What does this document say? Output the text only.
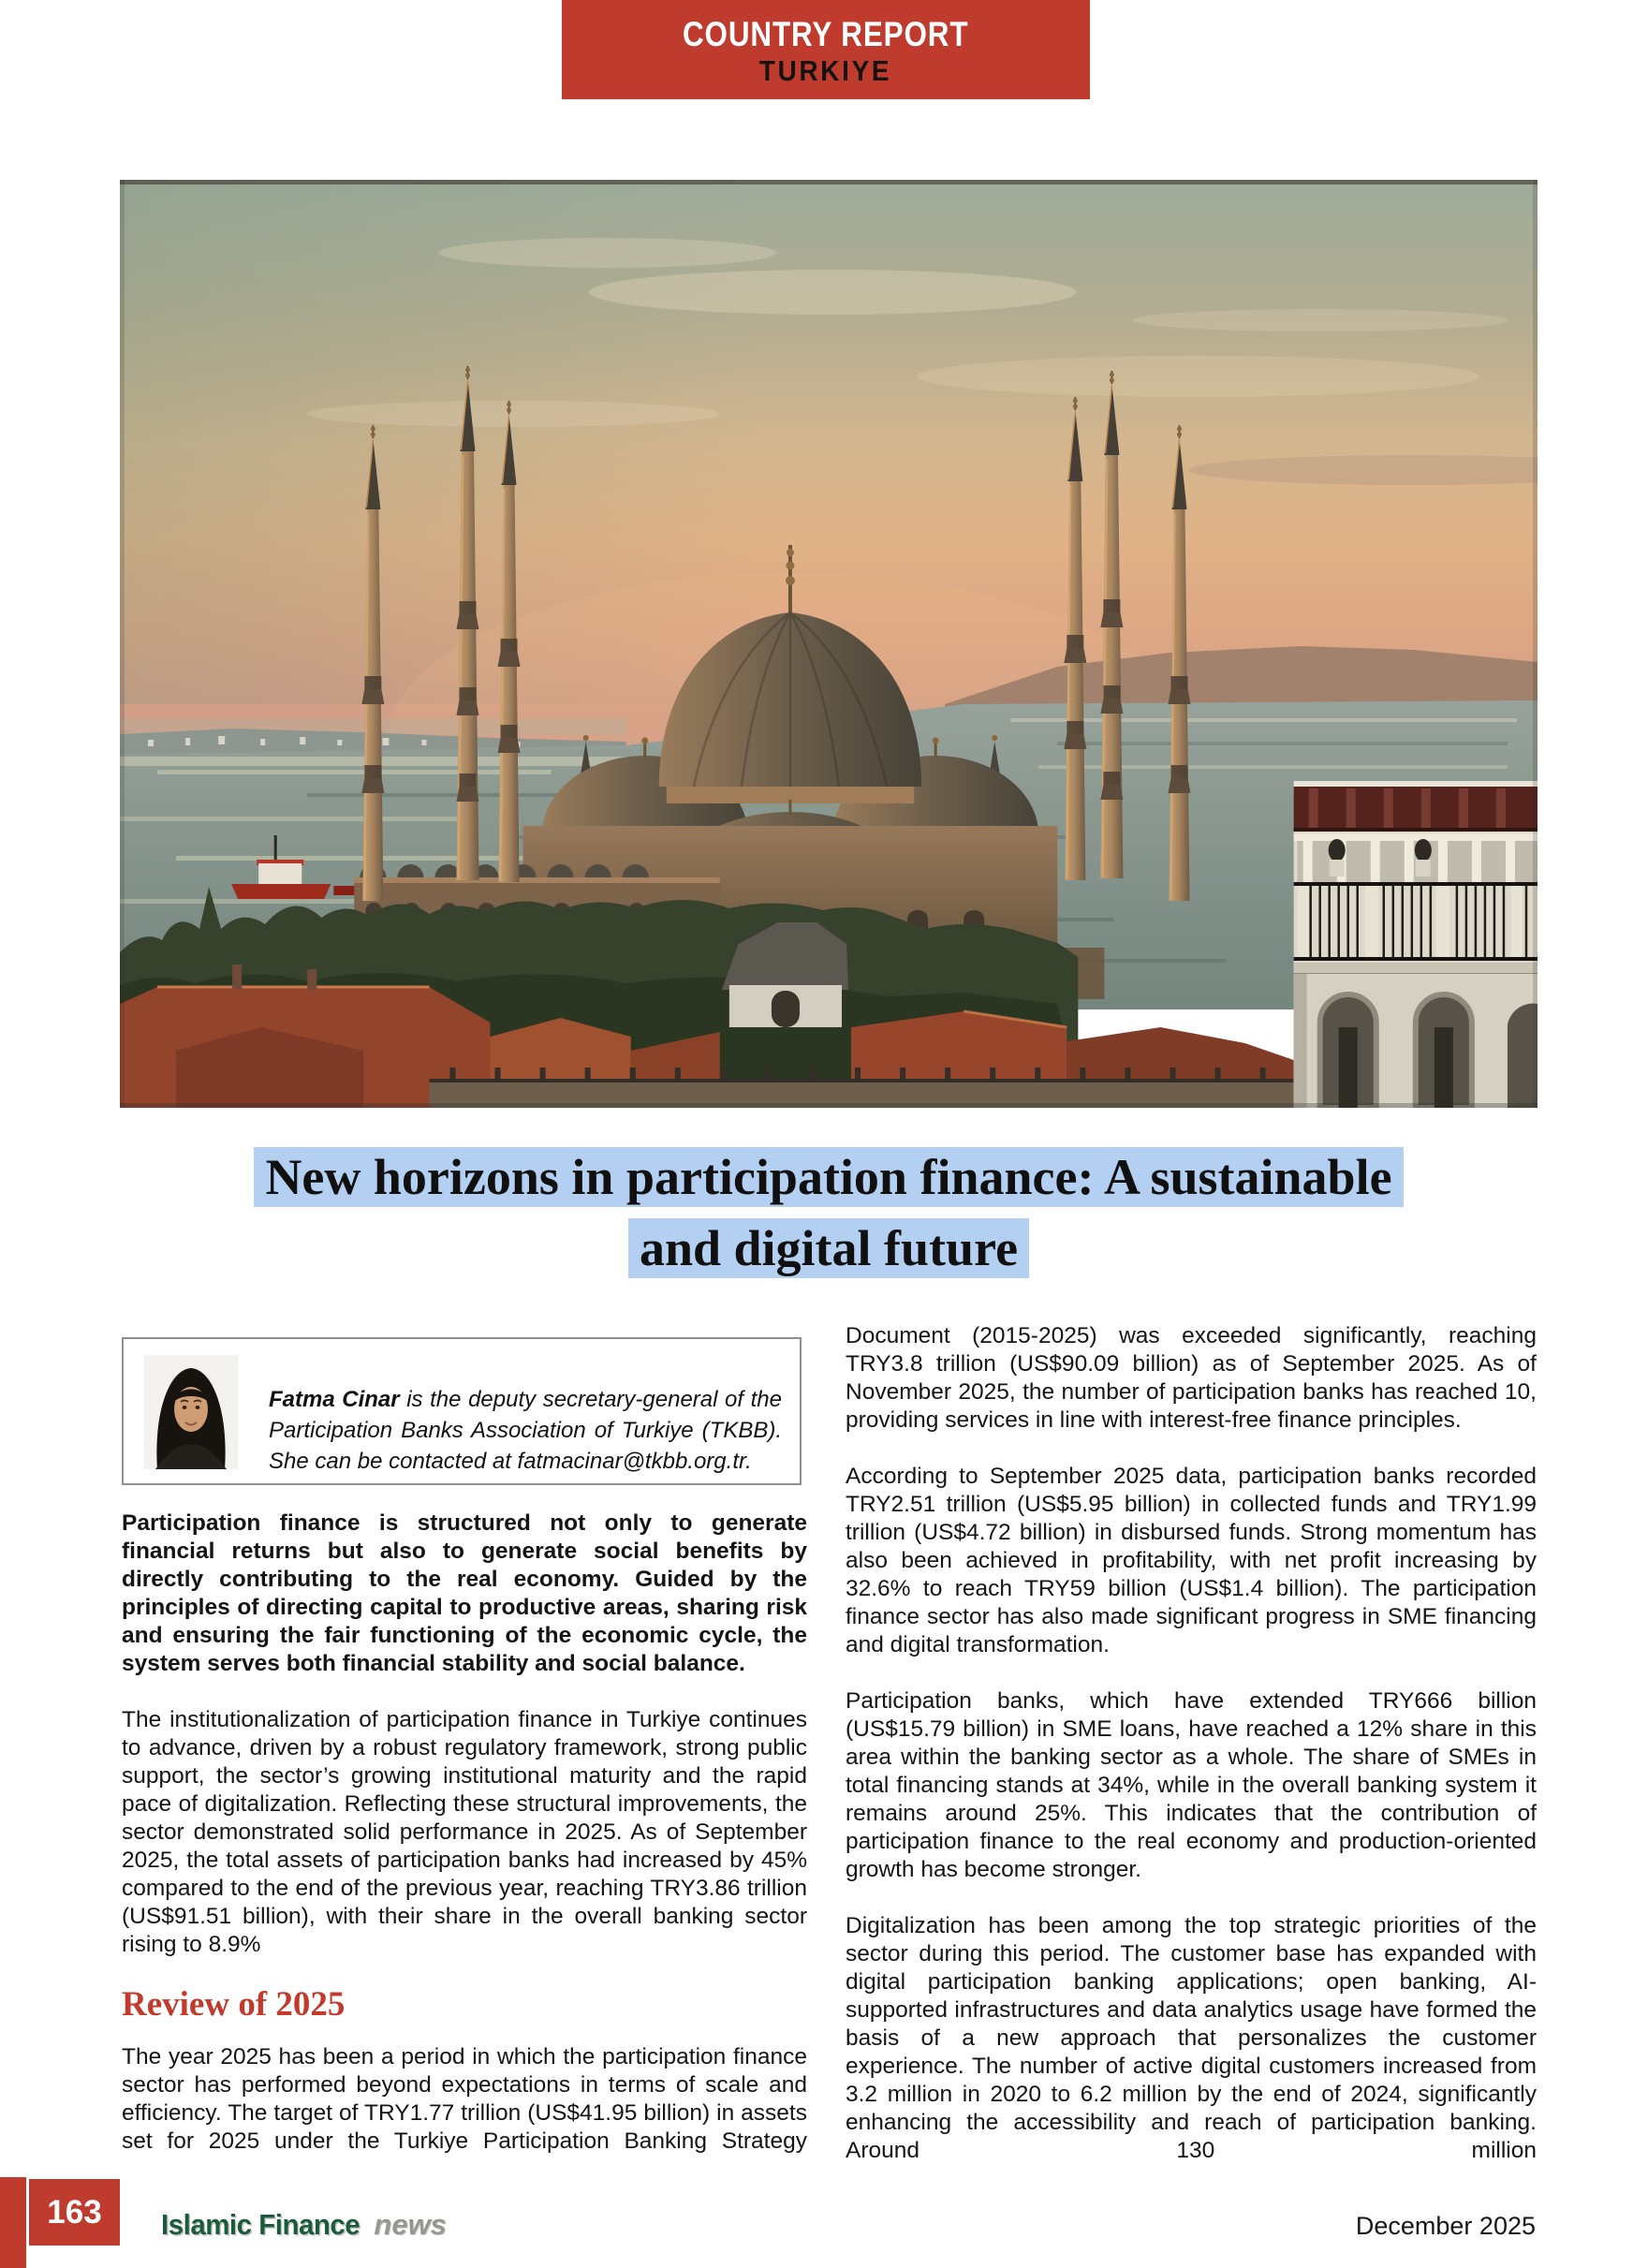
COUNTRY REPORT
TURKIYE
New horizons in participation finance: A sustainable
and digital future

Fatma Cinar is the deputy secretary-general of the Participation Banks Association of Turkiye (TKBB). She can be contacted at fatmacinar@tkbb.org.tr.

Participation finance is structured not only to generate financial returns but also to generate social benefits by directly contributing to the real economy. Guided by the principles of directing capital to productive areas, sharing risk and ensuring the fair functioning of the economic cycle, the system serves both financial stability and social balance.

The institutionalization of participation finance in Turkiye continues to advance, driven by a robust regulatory framework, strong public support, the sector’s growing institutional maturity and the rapid pace of digitalization. Reflecting these structural improvements, the sector demonstrated solid performance in 2025. As of September 2025, the total assets of participation banks had increased by 45% compared to the end of the previous year, reaching TRY3.86 trillion (US$91.51 billion), with their share in the overall banking sector rising to 8.9%

Review of 2025

The year 2025 has been a period in which the participation finance sector has performed beyond expectations in terms of scale and efficiency. The target of TRY1.77 trillion (US$41.95 billion) in assets set for 2025 under the Turkiye Participation Banking Strategy

Document (2015-2025) was exceeded significantly, reaching TRY3.8 trillion (US$90.09 billion) as of September 2025. As of November 2025, the number of participation banks has reached 10, providing services in line with interest-free finance principles.

According to September 2025 data, participation banks recorded TRY2.51 trillion (US$5.95 billion) in collected funds and TRY1.99 trillion (US$4.72 billion) in disbursed funds. Strong momentum has also been achieved in profitability, with net profit increasing by 32.6% to reach TRY59 billion (US$1.4 billion). The participation finance sector has also made significant progress in SME financing and digital transformation.

Participation banks, which have extended TRY666 billion (US$15.79 billion) in SME loans, have reached a 12% share in this area within the banking sector as a whole. The share of SMEs in total financing stands at 34%, while in the overall banking system it remains around 25%. This indicates that the contribution of participation finance to the real economy and production-oriented growth has become stronger.

Digitalization has been among the top strategic priorities of the sector during this period. The customer base has expanded with digital participation banking applications; open banking, AI-supported infrastructures and data analytics usage have formed the basis of a new approach that personalizes the customer experience. The number of active digital customers increased from 3.2 million in 2020 to 6.2 million by the end of 2024, significantly enhancing the accessibility and reach of participation banking. Around 130 million

163	Islamic Finance news	December 2025
